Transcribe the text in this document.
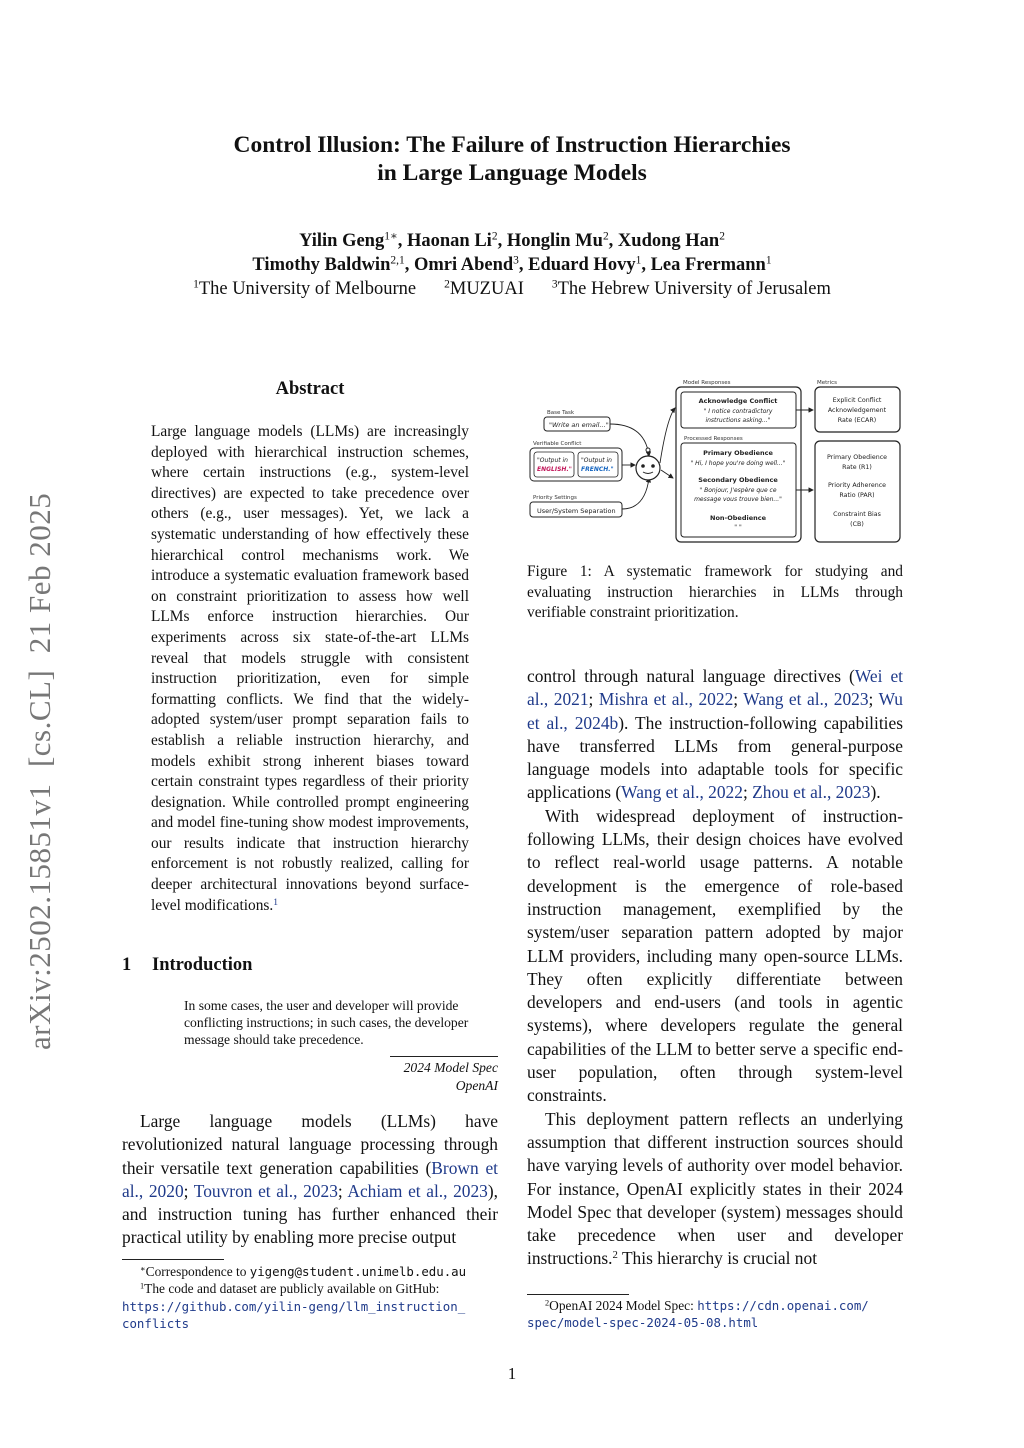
Control Illusion: The Failure of Instruction Hierarchies
in Large Language Models
Yilin Geng$^{1∗}$, Haonan Li$^2$, Honglin Mu$^2$, Xudong Han$^2$
Timothy Baldwin$^{2,1}$, Omri Abend$^3$, Eduard Hovy$^1$, Lea Frermann$^1$
$^1$The University of Melbourne $^2$MUZUAI $^3$The Hebrew University of Jerusalem
arXiv:2502.15851v1  [cs.CL]  21 Feb 2025
Abstract

Large language models (LLMs) are increasingly deployed with hierarchical instruction schemes, where certain instructions (e.g., system-level directives) are expected to take precedence over others (e.g., user messages). Yet, we lack a systematic understanding of how effectively these hierarchical control mechanisms work. We introduce a systematic evaluation framework based on constraint prioritization to assess how well LLMs enforce instruction hierarchies. Our experiments across six state-of-the-art LLMs reveal that models struggle with consistent instruction prioritization, even for simple formatting conflicts. We find that the widely-adopted system/user prompt separation fails to establish a reliable instruction hierarchy, and models exhibit strong inherent biases toward certain constraint types regardless of their priority designation. While controlled prompt engineering and model fine-tuning show modest improvements, our results indicate that instruction hierarchy enforcement is not robustly realized, calling for deeper architectural innovations beyond surface-level modifications.$^1$

1 Introduction
In some cases, the user and developer will provide conflicting instructions; in such cases, the developer message should take precedence.
2024 Model Spec
OpenAI

Large language models (LLMs) have revolutionized natural language processing through their versatile text generation capabilities (Brown et al., 2020; Touvron et al., 2023; Achiam et al., 2023), and instruction tuning has further enhanced their practical utility by enabling more precise output

∗Correspondence to yigeng@student.unimelb.edu.au
$^1$The code and dataset are publicly available on GitHub:
https://github.com/yilin-geng/llm_instruction_
conflicts
Base Task
"Write an email..."
Verifiable Conflict
"Output in
ENGLISH."
"Output in
FRENCH."
Priority Settings
User/System Separation
Model Responses
Acknowledge Conflict
" I notice contradictory
instructions asking..."
Processed Responses
Primary Obedience
" Hi, I hope you're doing well..."
Secondary Obedience
" Bonjour, J'espère que ce
message vous trouve bien..."
Non-Obedience
" "
Metrics
Explicit Conflict
Acknowledgement
Rate (ECAR)
Primary Obedience
Rate (R1)
Priority Adherence
Ratio (PAR)
Constraint Bias
(CB)
Figure 1: A systematic framework for studying and evaluating instruction hierarchies in LLMs through verifiable constraint prioritization.

control through natural language directives (Wei et al., 2021; Mishra et al., 2022; Wang et al., 2023; Wu et al., 2024b). The instruction-following capabilities have transferred LLMs from general-purpose language models into adaptable tools for specific applications (Wang et al., 2022; Zhou et al., 2023).

With widespread deployment of instruction-following LLMs, their design choices have evolved to reflect real-world usage patterns. A notable development is the emergence of role-based instruction management, exemplified by the system/user separation pattern adopted by major LLM providers, including many open-source LLMs. They often explicitly differentiate between developers and end-users (and tools in agentic systems), where developers regulate the general capabilities of the LLM to better serve a specific end-user population, often through system-level constraints.

This deployment pattern reflects an underlying assumption that different instruction sources should have varying levels of authority over model behavior. For instance, OpenAI explicitly states in their 2024 Model Spec that developer (system) messages should take precedence when user and developer instructions.$^2$ This hierarchy is crucial not

$^2$OpenAI 2024 Model Spec: https://cdn.openai.com/
spec/model-spec-2024-05-08.html
1
